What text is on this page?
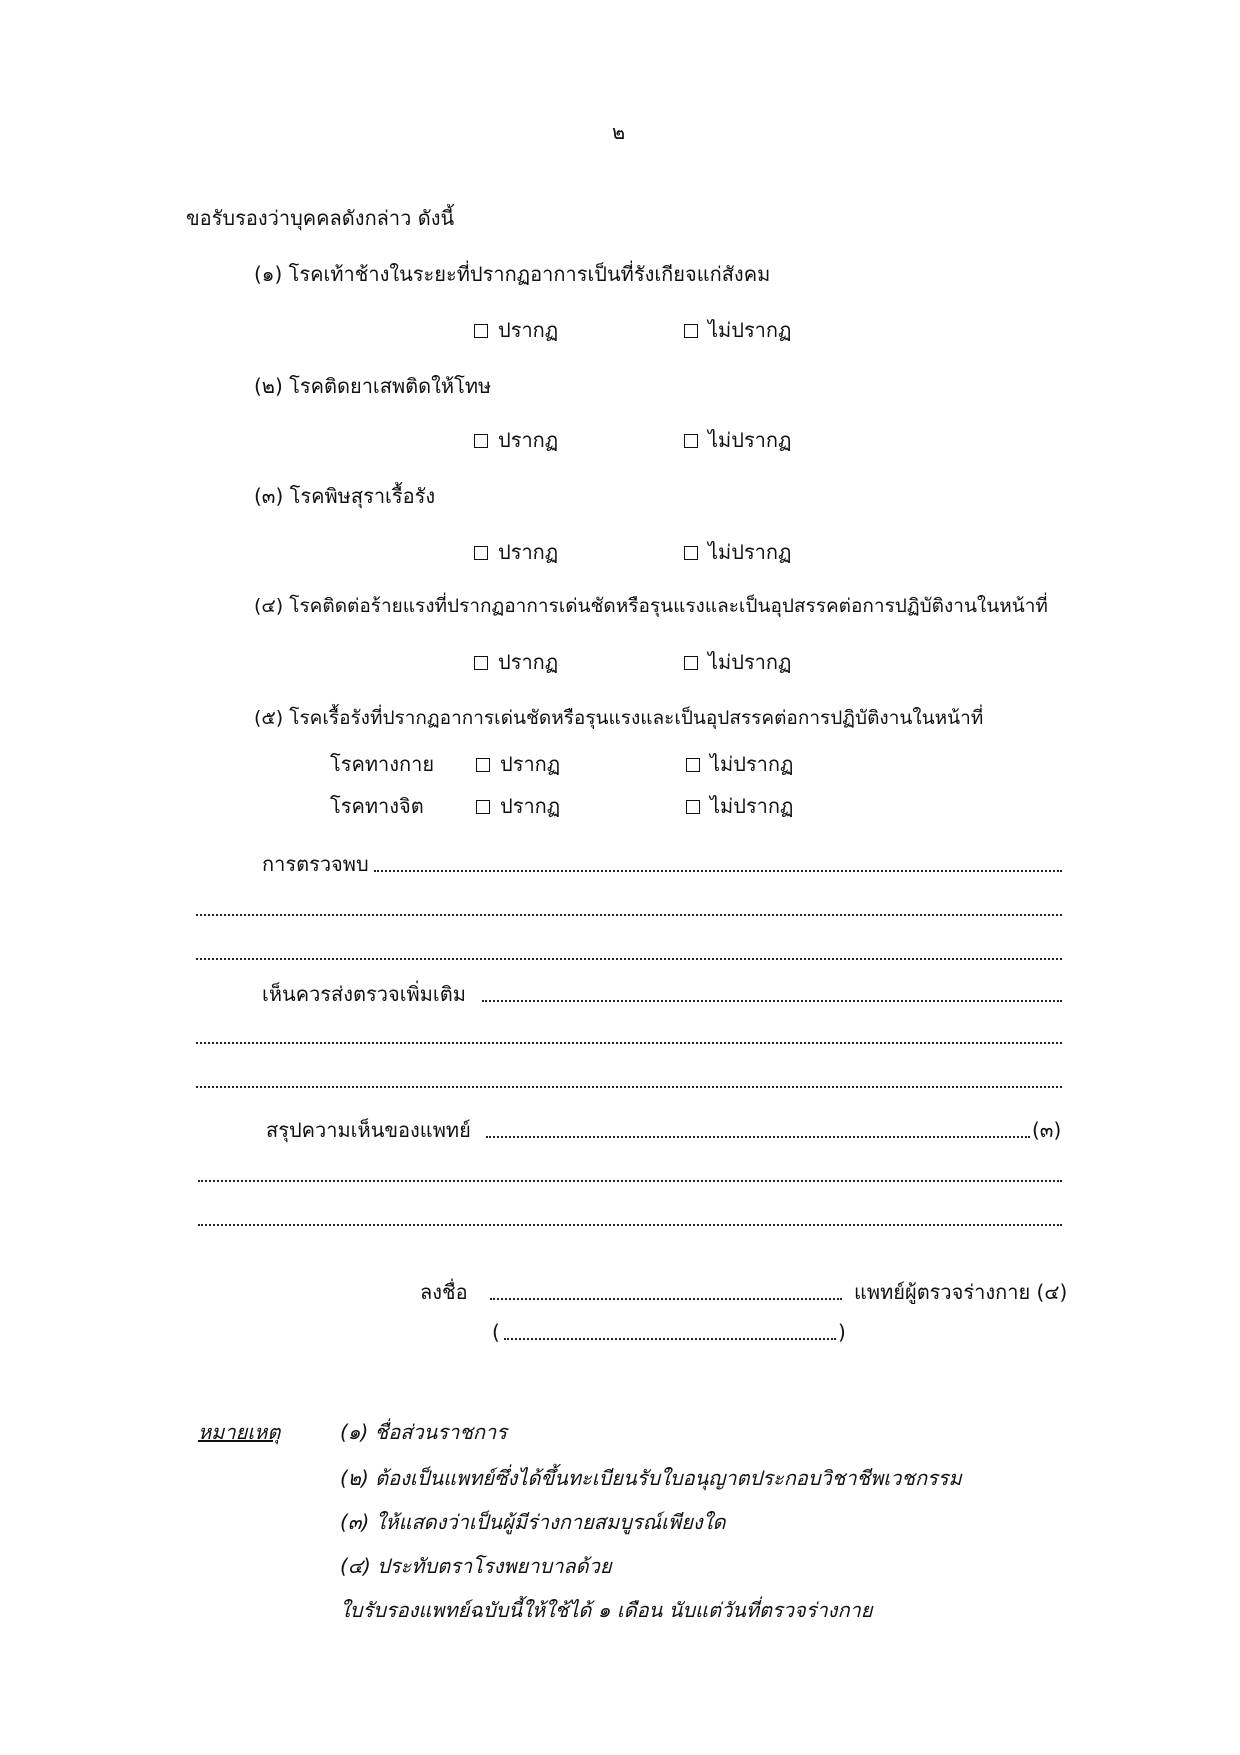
๒
ขอรับรองว่าบุคคลดังกล่าว ดังนี้
(๑) โรคเท้าช้างในระยะที่ปรากฏอาการเป็นที่รังเกียจแก่สังคม
ปรากฏ	ไม่ปรากฏ
(๒) โรคติดยาเสพติดให้โทษ
ปรากฏ	ไม่ปรากฏ
(๓) โรคพิษสุราเรื้อรัง
ปรากฏ	ไม่ปรากฏ
(๔) โรคติดต่อร้ายแรงที่ปรากฏอาการเด่นชัดหรือรุนแรงและเป็นอุปสรรคต่อการปฏิบัติงานในหน้าที่
ปรากฏ	ไม่ปรากฏ
(๕) โรคเรื้อรังที่ปรากฏอาการเด่นชัดหรือรุนแรงและเป็นอุปสรรคต่อการปฏิบัติงานในหน้าที่
โรคทางกาย	ปรากฏ	ไม่ปรากฏ
โรคทางจิต	ปรากฏ	ไม่ปรากฏ
การตรวจพบ
เห็นควรส่งตรวจเพิ่มเติม
สรุปความเห็นของแพทย์	(๓)
ลงชื่อ	แพทย์ผู้ตรวจร่างกาย (๔)
(	)
หมายเหตุ	(๑) ชื่อส่วนราชการ
(๒) ต้องเป็นแพทย์ซึ่งได้ขึ้นทะเบียนรับใบอนุญาตประกอบวิชาชีพเวชกรรม
(๓) ให้แสดงว่าเป็นผู้มีร่างกายสมบูรณ์เพียงใด
(๔) ประทับตราโรงพยาบาลด้วย
ใบรับรองแพทย์ฉบับนี้ให้ใช้ได้ ๑ เดือน นับแต่วันที่ตรวจร่างกาย
